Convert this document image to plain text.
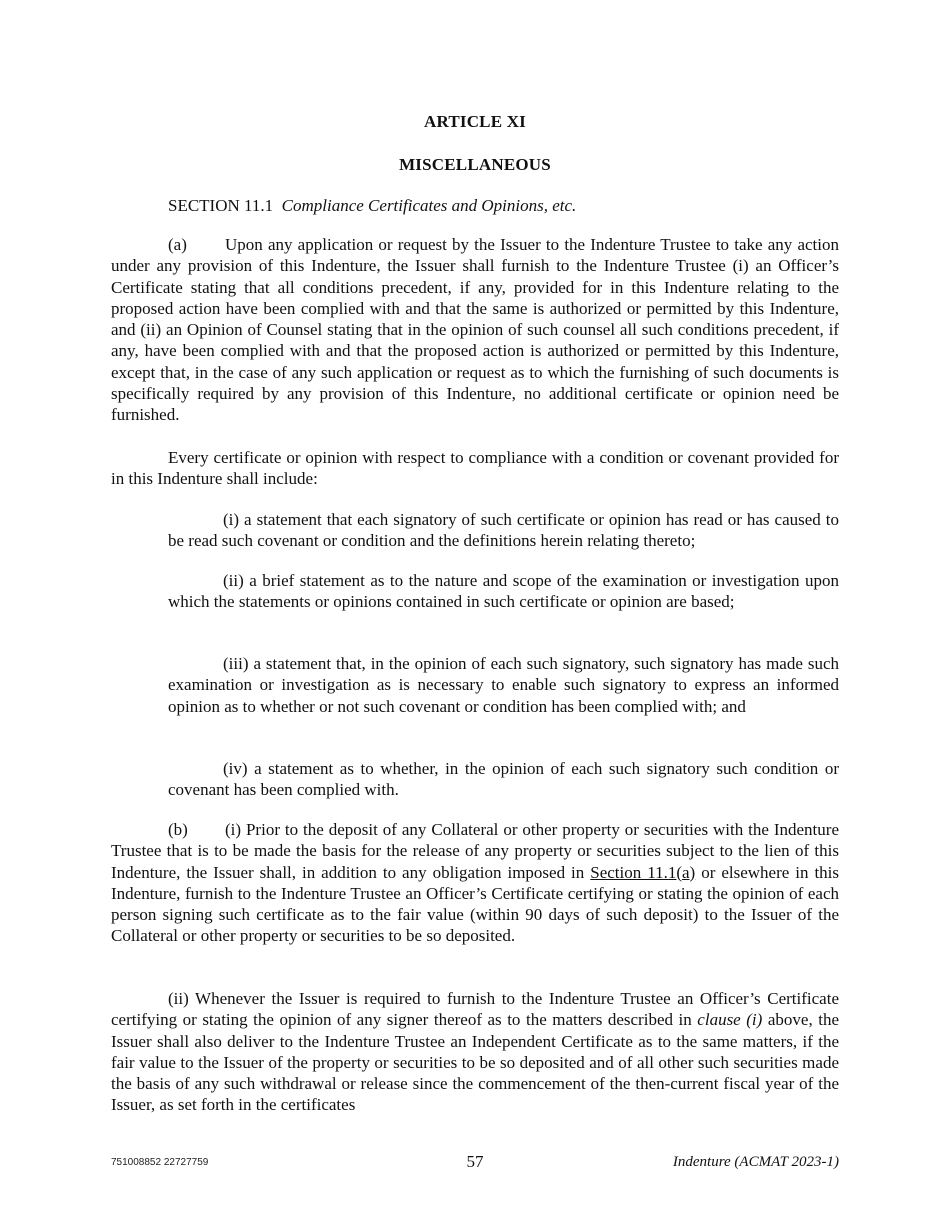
ARTICLE XI
MISCELLANEOUS
SECTION 11.1 Compliance Certificates and Opinions, etc.

(a) Upon any application or request by the Issuer to the Indenture Trustee to take any action under any provision of this Indenture, the Issuer shall furnish to the Indenture Trustee (i) an Officer’s Certificate stating that all conditions precedent, if any, provided for in this Indenture relating to the proposed action have been complied with and that the same is authorized or permitted by this Indenture, and (ii) an Opinion of Counsel stating that in the opinion of such counsel all such conditions precedent, if any, have been complied with and that the proposed action is authorized or permitted by this Indenture, except that, in the case of any such application or request as to which the furnishing of such documents is specifically required by any provision of this Indenture, no additional certificate or opinion need be furnished.

Every certificate or opinion with respect to compliance with a condition or covenant provided for in this Indenture shall include:

(i) a statement that each signatory of such certificate or opinion has read or has caused to be read such covenant or condition and the definitions herein relating thereto;

(ii) a brief statement as to the nature and scope of the examination or investigation upon which the statements or opinions contained in such certificate or opinion are based;

(iii) a statement that, in the opinion of each such signatory, such signatory has made such examination or investigation as is necessary to enable such signatory to express an informed opinion as to whether or not such covenant or condition has been complied with; and

(iv) a statement as to whether, in the opinion of each such signatory such condition or covenant has been complied with.

(b) (i) Prior to the deposit of any Collateral or other property or securities with the Indenture Trustee that is to be made the basis for the release of any property or securities subject to the lien of this Indenture, the Issuer shall, in addition to any obligation imposed in Section 11.1(a) or elsewhere in this Indenture, furnish to the Indenture Trustee an Officer’s Certificate certifying or stating the opinion of each person signing such certificate as to the fair value (within 90 days of such deposit) to the Issuer of the Collateral or other property or securities to be so deposited.

(ii) Whenever the Issuer is required to furnish to the Indenture Trustee an Officer’s Certificate certifying or stating the opinion of any signer thereof as to the matters described in clause (i) above, the Issuer shall also deliver to the Indenture Trustee an Independent Certificate as to the same matters, if the fair value to the Issuer of the property or securities to be so deposited and of all other such securities made the basis of any such withdrawal or release since the commencement of the then-current fiscal year of the Issuer, as set forth in the certificates

751008852 22727759	57	Indenture (ACMAT 2023-1)
